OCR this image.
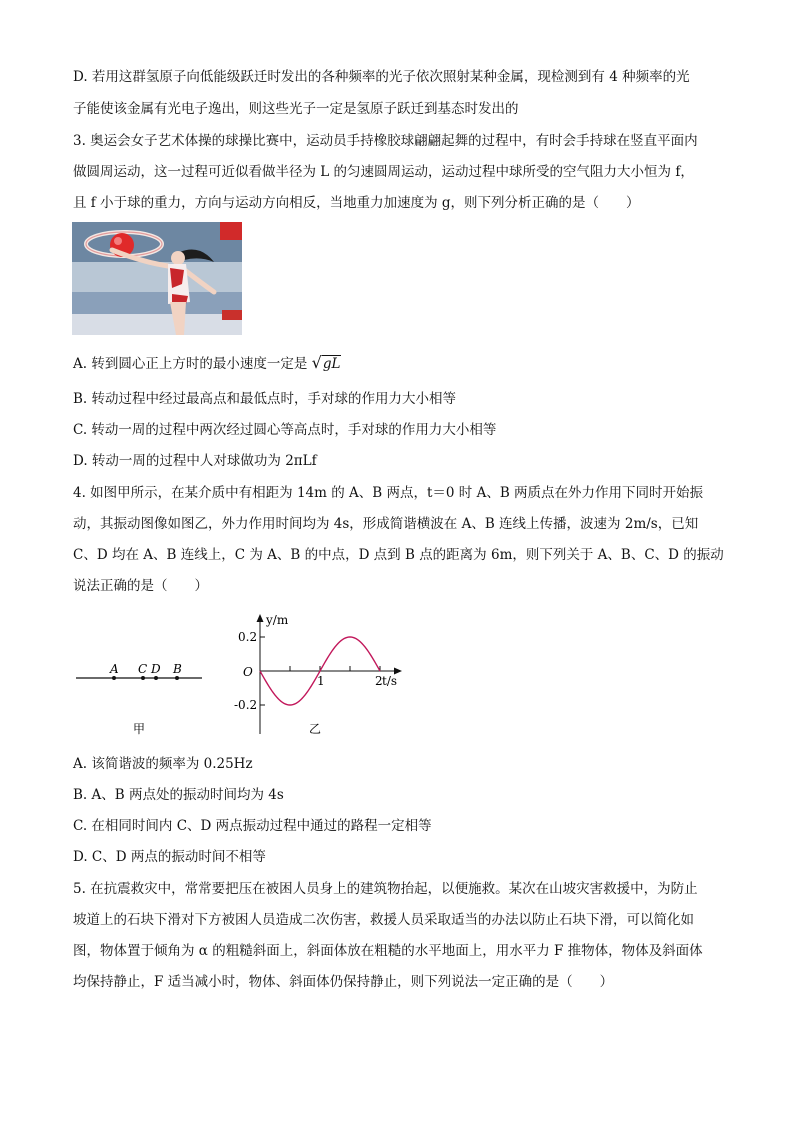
D. 若用这群氢原子向低能级跃迁时发出的各种频率的光子依次照射某种金属，现检测到有 4 种频率的光
子能使该金属有光电子逸出，则这些光子一定是氢原子跃迁到基态时发出的
3. 奥运会女子艺术体操的球操比赛中，运动员手持橡胶球翩翩起舞的过程中，有时会手持球在竖直平面内
做圆周运动，这一过程可近似看做半径为 L 的匀速圆周运动，运动过程中球所受的空气阻力大小恒为 f，
且 f 小于球的重力，方向与运动方向相反，当地重力加速度为 g，则下列分析正确的是（　　）
A. 转到圆心正上方时的最小速度一定是 √gL
B. 转动过程中经过最高点和最低点时，手对球的作用力大小相等
C. 转动一周的过程中两次经过圆心等高点时，手对球的作用力大小相等
D. 转动一周的过程中人对球做功为 2πLf
4. 如图甲所示，在某介质中有相距为 14m 的 A、B 两点，t＝0 时 A、B 两质点在外力作用下同时开始振
动，其振动图像如图乙，外力作用时间均为 4s，形成简谐横波在 A、B 连线上传播，波速为 2m/s，已知
C、D 均在 A、B 连线上，C 为 A、B 的中点，D 点到 B 点的距离为 6m，则下列关于 A、B、C、D 的振动
说法正确的是（　　）
A C D B
甲
y/m
t/s
O
0.2
-0.2
1	2
乙
A. 该简谐波的频率为 0.25Hz
B. A、B 两点处的振动时间均为 4s
C. 在相同时间内 C、D 两点振动过程中通过的路程一定相等
D. C、D 两点的振动时间不相等
5. 在抗震救灾中，常常要把压在被困人员身上的建筑物抬起，以便施救。某次在山坡灾害救援中，为防止
坡道上的石块下滑对下方被困人员造成二次伤害，救援人员采取适当的办法以防止石块下滑，可以简化如
图，物体置于倾角为 α 的粗糙斜面上，斜面体放在粗糙的水平地面上，用水平力 F 推物体，物体及斜面体
均保持静止，F 适当减小时，物体、斜面体仍保持静止，则下列说法一定正确的是（　　）
